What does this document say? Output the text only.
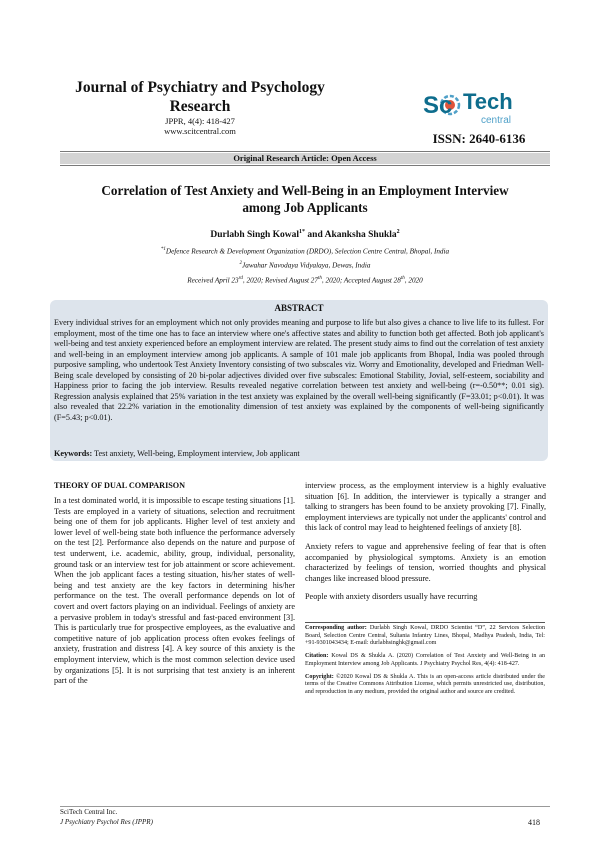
Journal of Psychiatry and Psychology Research
JPPR, 4(4): 418-427
www.scitcentral.com
Sc Tech
central
ISSN: 2640-6136
Original Research Article: Open Access
Correlation of Test Anxiety and Well-Being in an Employment Interview
among Job Applicants
Durlabh Singh Kowal$^{1*}$ and Akanksha Shukla$^2$
$^{*1}$Defence Research & Development Organization (DRDO), Selection Centre Central, Bhopal, India
$^2$Jawahar Navodaya Vidyalaya, Dewas, India
Received April 23rd, 2020; Revised August 27th, 2020; Accepted August 28th, 2020
ABSTRACT
Every individual strives for an employment which not only provides meaning and purpose to life but also gives a chance to live life to its fullest. For employment, most of the time one has to face an interview where one's affective states and ability to function both get affected. Both job applicant's well-being and test anxiety experienced before an employment interview are related. The present study aims to find out the correlation of test anxiety and well-being in an employment interview among job applicants. A sample of 101 male job applicants from Bhopal, India was pooled through purposive sampling, who undertook Test Anxiety Inventory consisting of two subscales viz. Worry and Emotionality, developed and Friedman Well-Being scale developed by consisting of 20 bi-polar adjectives divided over five subscales: Emotional Stability, Jovial, self-esteem, sociability and Happiness prior to facing the job interview. Results revealed negative correlation between test anxiety and well-being (r=-0.50**; 0.01 sig). Regression analysis explained that 25% variation in the test anxiety was explained by the overall well-being significantly (F=33.01; p<0.01). It was also revealed that 22.2% variation in the emotionality dimension of test anxiety was explained by the components of well-being significantly (F=5.43; p<0.01).
Keywords: Test anxiety, Well-being, Employment interview, Job applicant

THEORY OF DUAL COMPARISON

In a test dominated world, it is impossible to escape testing situations [1]. Tests are employed in a variety of situations, selection and recruitment being one of them for job applicants. Higher level of test anxiety and lower level of well-being state both influence the performance adversely on the test [2]. Performance also depends on the nature and purpose of test underwent, i.e. academic, ability, group, individual, personality, ground task or an interview test for job attainment or score achievement. When the job applicant faces a testing situation, his/her states of well-being and test anxiety are the key factors in determining his/her performance on the test. The overall performance depends on lot of covert and overt factors playing on an individual. Feelings of anxiety are a pervasive problem in today's stressful and fast-paced environment [3]. This is particularly true for prospective employees, as the evaluative and competitive nature of job application process often evokes feelings of anxiety, frustration and distress [4]. A key source of this anxiety is the employment interview, which is the most common selection device used by organizations [5]. It is not surprising that test anxiety is an inherent part of the

interview process, as the employment interview is a highly evaluative situation [6]. In addition, the interviewer is typically a stranger and talking to strangers has been found to be anxiety provoking [7]. Finally, employment interviews are typically not under the applicants' control and this lack of control may lead to heightened feelings of anxiety [8].

Anxiety refers to vague and apprehensive feeling of fear that is often accompanied by physiological symptoms. Anxiety is an emotion characterized by feelings of tension, worried thoughts and physical changes like increased blood pressure.

People with anxiety disorders usually have recurring

Corresponding author: Durlabh Singh Kowal, DRDO Scientist “D”, 22 Services Selection Board, Selection Centre Central, Sultania Infantry Lines, Bhopal, Madhya Pradesh, India, Tel: +91-9301043434; E-mail: durlabhsinghk@gmail.com

Citation: Kowal DS & Shukla A. (2020) Correlation of Test Anxiety and Well-Being in an Employment Interview among Job Applicants. J Psychiatry Psychol Res, 4(4): 418-427.

Copyright: ©2020 Kowal DS & Shukla A. This is an open-access article distributed under the terms of the Creative Commons Attribution License, which permits unrestricted use, distribution, and reproduction in any medium, provided the original author and source are credited.

SciTech Central Inc.
J Psychiatry Psychol Res (JPPR)	418
